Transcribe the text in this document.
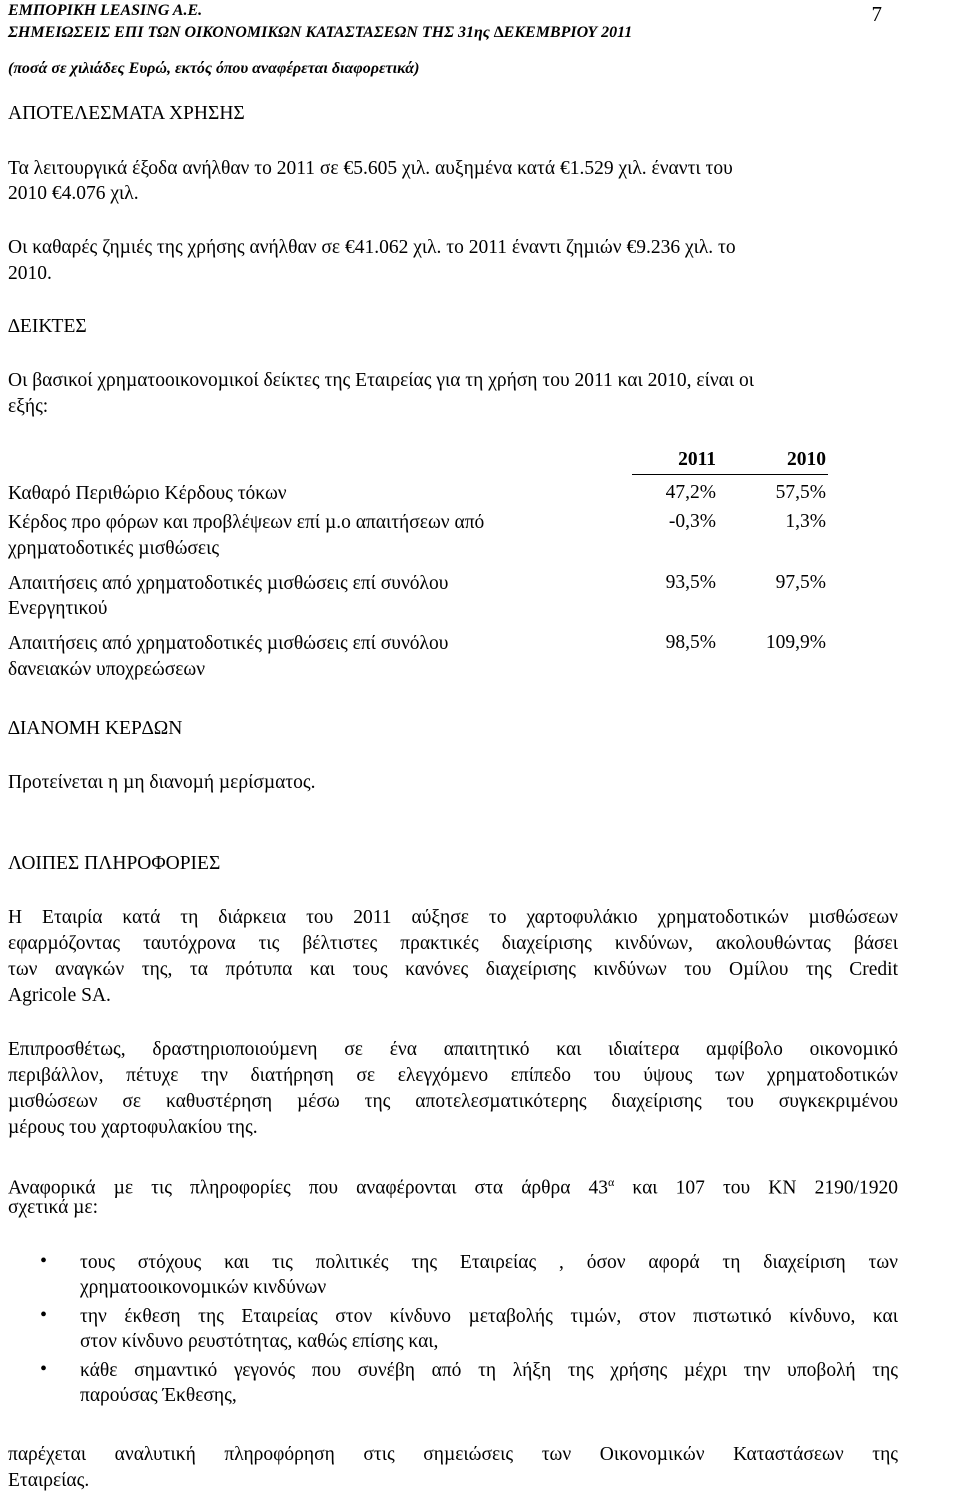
ΕΜΠΟΡΙΚΗ LEASING A.E.
ΣΗΜΕΙΩΣΕΙΣ ΕΠΙ ΤΩΝ ΟΙΚΟΝΟΜΙΚΩΝ ΚΑΤΑΣΤΑΣΕΩΝ ΤΗΣ 31ης ∆ΕΚΕΜΒΡΙΟΥ 2011
(ποσά σε χιλιάδες Ευρώ, εκτός όπου αναφέρεται διαφορετικά)
7
ΑΠΟΤΕΛΕΣΜΑΤΑ ΧΡΗΣΗΣ
Τα λειτουργικά έξοδα ανήλθαν το 2011 σε €5.605 χιλ. αυξηµένα κατά €1.529 χιλ. έναντι του
2010 €4.076 χιλ.
Οι καθαρές ζηµιές της χρήσης ανήλθαν σε €41.062 χιλ. το 2011 έναντι ζηµιών €9.236 χιλ. το
2010.
∆ΕΙΚΤΕΣ
Οι βασικοί χρηµατοοικονοµικοί δείκτες της Εταιρείας για τη χρήση του 2011 και 2010, είναι οι
εξής:
2011	2010
Καθαρό Περιθώριο Κέρδους τόκων	47,2%	57,5%
Κέρδος προ φόρων και προβλέψεων επί µ.ο απαιτήσεων από
χρηµατοδοτικές µισθώσεις
-0,3%	1,3%
Απαιτήσεις από χρηµατοδοτικές µισθώσεις επί συνόλου
Ενεργητικού
93,5%	97,5%
Απαιτήσεις από χρηµατοδοτικές µισθώσεις επί συνόλου
δανειακών υποχρεώσεων
98,5%	109,9%
∆ΙΑΝΟΜΗ ΚΕΡ∆ΩΝ
Προτείνεται η µη διανοµή µερίσµατος.
ΛΟΙΠΕΣ ΠΛΗΡΟΦΟΡΙΕΣ
Η Εταιρία κατά τη διάρκεια του 2011 αύξησε το χαρτοφυλάκιο χρηµατοδοτικών µισθώσεων
εφαρµόζοντας ταυτόχρονα τις βέλτιστες πρακτικές διαχείρισης κινδύνων, ακολουθώντας βάσει
των αναγκών της, τα πρότυπα και τους κανόνες διαχείρισης κινδύνων του Οµίλου της Credit
Agricole SA.
Επιπροσθέτως, δραστηριοποιούµενη σε ένα απαιτητικό και ιδιαίτερα αµφίβολο οικονοµικό
περιβάλλον, πέτυχε την διατήρηση σε ελεγχόµενο επίπεδο του ύψους των χρηµατοδοτικών
µισθώσεων σε καθυστέρηση µέσω της αποτελεσµατικότερης διαχείρισης του συγκεκριµένου
µέρους του χαρτοφυλακίου της.
Αναφορικά µε τις πληροφορίες που αναφέρονται στα άρθρα $43^\alpha$ και 107 του ΚΝ 2190/1920
σχετικά µε:
• τους στόχους και τις πολιτικές της Εταιρείας , όσον αφορά τη διαχείριση των
χρηµατοοικονοµικών κινδύνων
• την έκθεση της Εταιρείας στον κίνδυνο µεταβολής τιµών, στον πιστωτικό κίνδυνο, και
στον κίνδυνο ρευστότητας, καθώς επίσης και,
• κάθε σηµαντικό γεγονός που συνέβη από τη λήξη της χρήσης µέχρι την υποβολή της
παρούσας Έκθεσης,
παρέχεται αναλυτική πληροφόρηση στις σηµειώσεις των Οικονοµικών Καταστάσεων της
Εταιρείας.
